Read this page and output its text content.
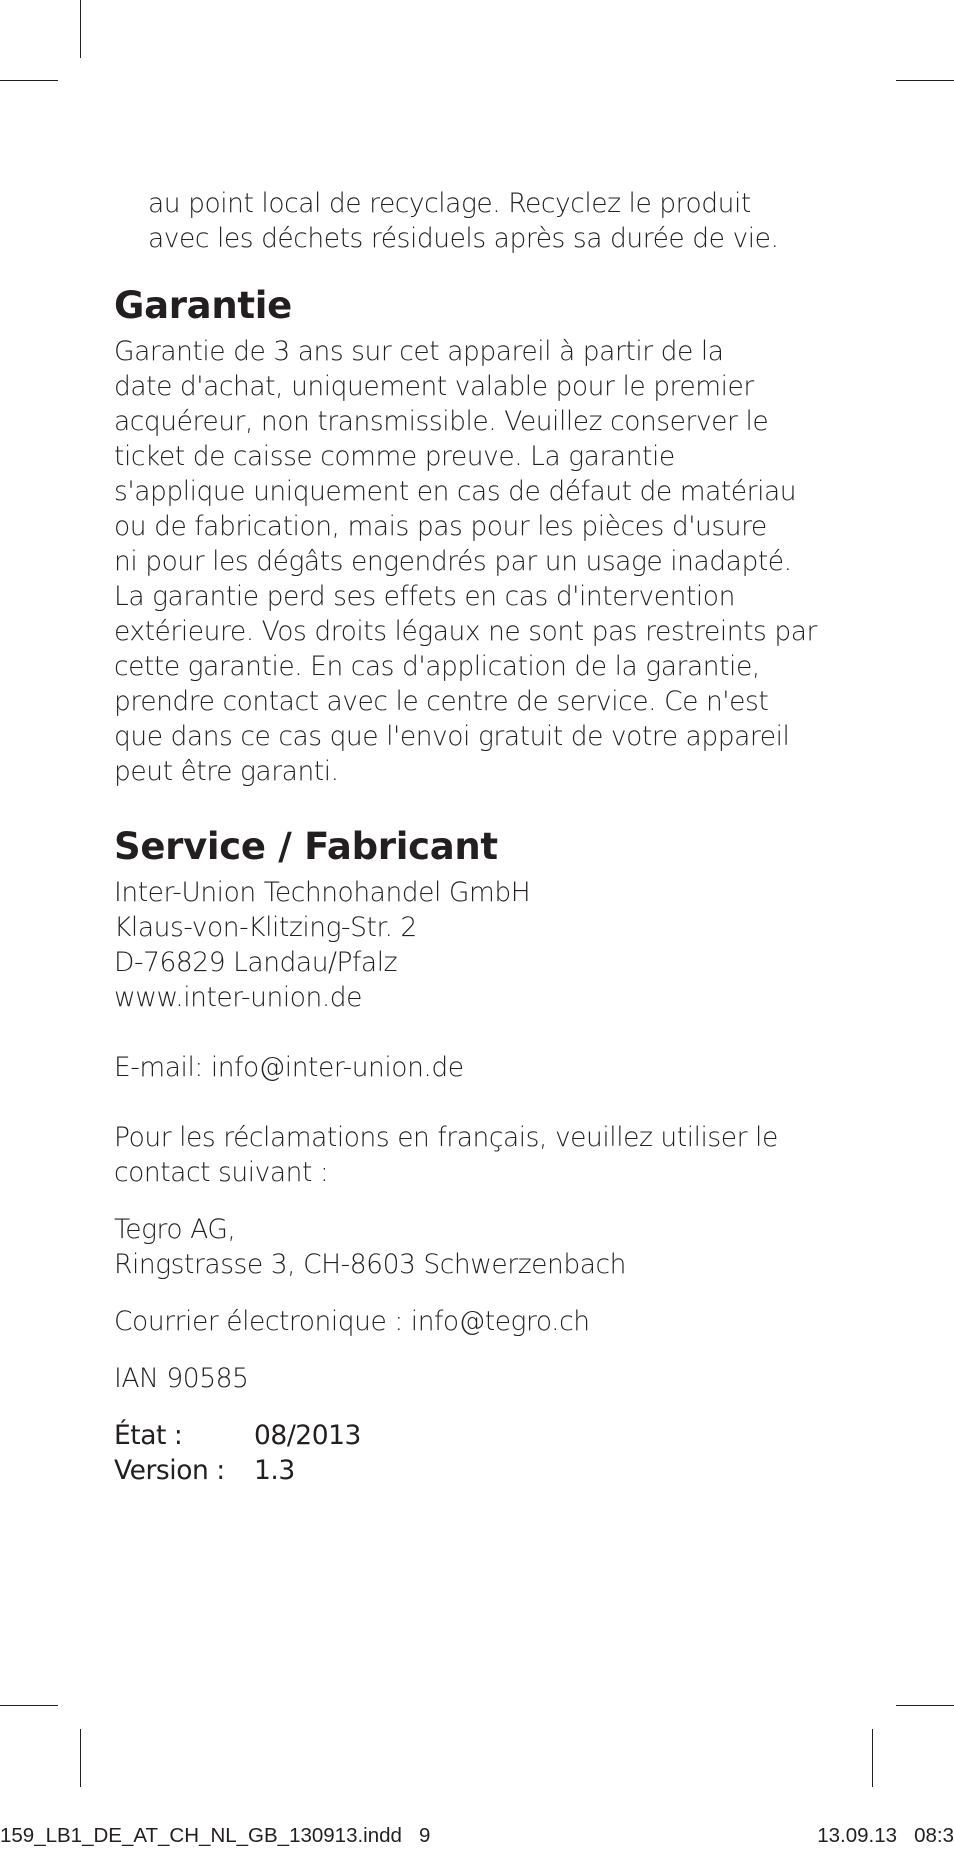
au point local de recyclage. Recyclez le produit
avec les déchets résiduels après sa durée de vie.

Garantie

Garantie de 3 ans sur cet appareil à partir de la
date d'achat, uniquement valable pour le premier
acquéreur, non transmissible. Veuillez conserver le
ticket de caisse comme preuve. La garantie
s'applique uniquement en cas de défaut de matériau
ou de fabrication, mais pas pour les pièces d'usure
ni pour les dégâts engendrés par un usage inadapté.
La garantie perd ses effets en cas d'intervention
extérieure. Vos droits légaux ne sont pas restreints par
cette garantie. En cas d'application de la garantie,
prendre contact avec le centre de service. Ce n'est
que dans ce cas que l'envoi gratuit de votre appareil
peut être garanti.

Service / Fabricant

Inter-Union Technohandel GmbH
Klaus-von-Klitzing-Str. 2
D-76829 Landau/Pfalz
www.inter-union.de

E-mail: info@inter-union.de

Pour les réclamations en français, veuillez utiliser le
contact suivant :

Tegro AG,
Ringstrasse 3, CH-8603 Schwerzenbach

Courrier électronique : info@tegro.ch

IAN 90585

État :	08/2013
Version :	1.3
159_LB1_DE_AT_CH_NL_GB_130913.indd   9	13.09.13   08:3
